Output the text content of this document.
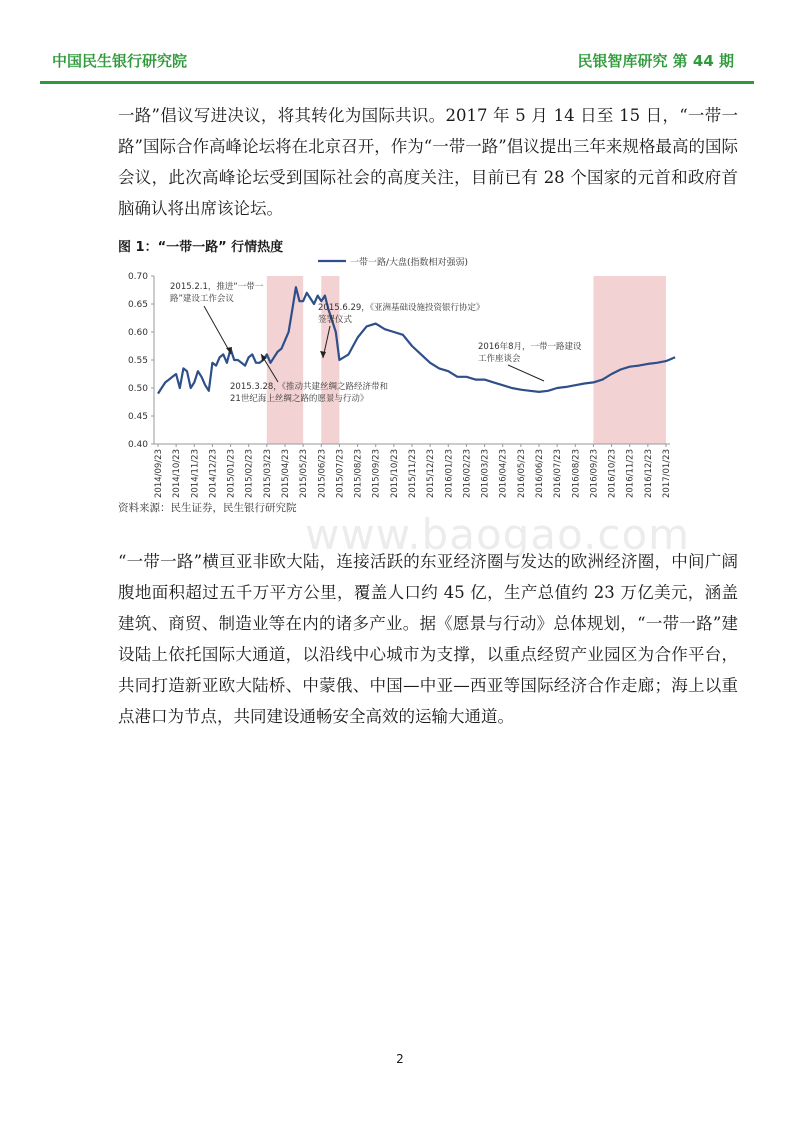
中国民生银行研究院	民银智库研究 第 44 期

一路”倡议写进决议，将其转化为国际共识。2017 年 5 月 14 日至 15 日，“一带一路”国际合作高峰论坛将在北京召开，作为“一带一路”倡议提出三年来规格最高的国际会议，此次高峰论坛受到国际社会的高度关注，目前已有 28 个国家的元首和政府首脑确认将出席该论坛。

图 1：“一带一路” 行情热度
0.40
0.45
0.50
0.55
0.60
0.65
0.70
2014/09/23 2014/10/23 2014/11/23 2014/12/23 2015/01/23 2015/02/23 2015/03/23 2015/04/23 2015/05/23 2015/06/23 2015/07/23 2015/08/23 2015/09/23 2015/10/23 2015/11/23 2015/12/23 2016/01/23 2016/02/23 2016/03/23 2016/04/23 2016/05/23 2016/06/23 2016/07/23 2016/08/23 2016/09/23 2016/10/23 2016/11/23 2016/12/23 2017/01/23
一带一路/大盘(指数相对强弱)
2015.2.1，推进“一带一
路”建设工作会议
2015.6.29，《亚洲基础设施投资银行协定》
签署仪式
2015.3.28，《推动共建丝绸之路经济带和
21世纪海上丝绸之路的愿景与行动》
2016年8月，一带一路建设
工作座谈会
资料来源：民生证券，民生银行研究院
www.baogao.com

“一带一路”横亘亚非欧大陆，连接活跃的东亚经济圈与发达的欧洲经济圈，中间广阔腹地面积超过五千万平方公里，覆盖人口约 45 亿，生产总值约 23 万亿美元，涵盖建筑、商贸、制造业等在内的诸多产业。据《愿景与行动》总体规划，“一带一路”建设陆上依托国际大通道，以沿线中心城市为支撑，以重点经贸产业园区为合作平台，共同打造新亚欧大陆桥、中蒙俄、中国—中亚—西亚等国际经济合作走廊；海上以重点港口为节点，共同建设通畅安全高效的运输大通道。

2
